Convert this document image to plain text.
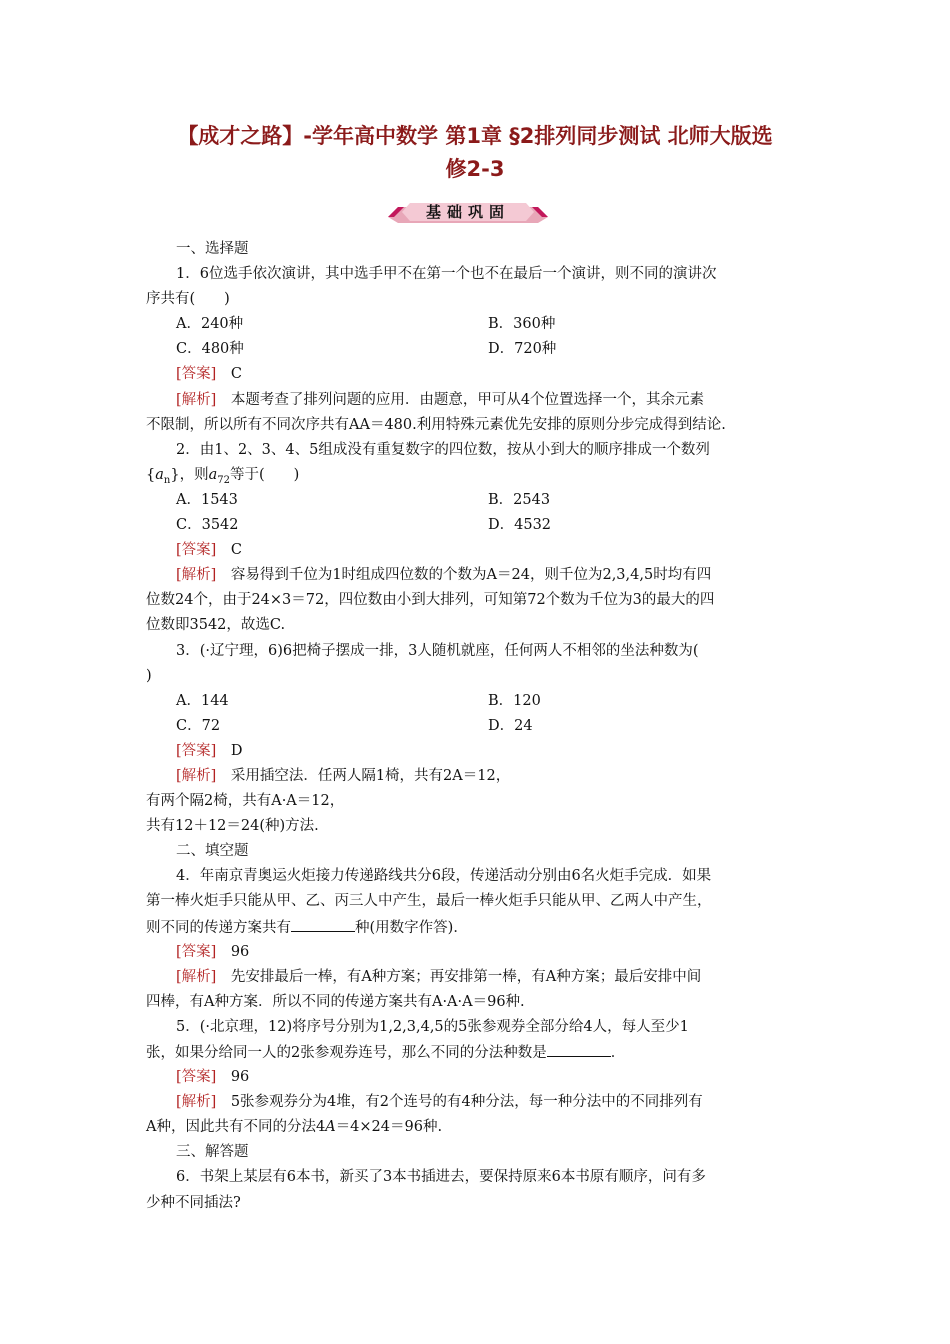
【成才之路】-学年高中数学 第1章 §2排列同步测试 北师大版选
修2-3
基础巩固
一、选择题
1．6位选手依次演讲，其中选手甲不在第一个也不在最后一个演讲，则不同的演讲次
序共有(　　)
A．240种	B．360种
C．480种	D．720种
[答案]　 C
[解析]　 本题考查了排列问题的应用．由题意，甲可从4个位置选择一个，其余元素
不限制，所以所有不同次序共有AA＝480.利用特殊元素优先安排的原则分步完成得到结论.
2．由1、2、3、4、5组成没有重复数字的四位数，按从小到大的顺序排成一个数列
$\{a_n\}$，则$a_{72}$等于(　　)
A．1543	B．2543
C．3542	D．4532
[答案]　 C
[解析]　 容易得到千位为1时组成四位数的个数为A＝24，则千位为2,3,4,5时均有四
位数24个，由于24×3＝72，四位数由小到大排列，可知第72个数为千位为3的最大的四
位数即3542，故选C.
3．(·辽宁理，6)6把椅子摆成一排，3人随机就座，任何两人不相邻的坐法种数为(
)
A．144	B．120
C．72	D．24
[答案]　 D
[解析]　 采用插空法．任两人隔1椅，共有2A＝12，
有两个隔2椅，共有A·A＝12，
共有12＋12＝24(种)方法.
二、填空题
4．年南京青奥运火炬接力传递路线共分6段，传递活动分别由6名火炬手完成．如果
第一棒火炬手只能从甲、乙、丙三人中产生，最后一棒火炬手只能从甲、乙两人中产生，
则不同的传递方案共有	种(用数字作答)．
[答案]　 96
[解析]　 先安排最后一棒，有A种方案；再安排第一棒，有A种方案；最后安排中间
四棒，有A种方案．所以不同的传递方案共有A·A·A＝96种.
5．(·北京理，12)将序号分别为1,2,3,4,5的5张参观券全部分给4人，每人至少1
张，如果分给同一人的2张参观券连号，那么不同的分法种数是	．
[答案]　 96
[解析]　 5张参观券分为4堆，有2个连号的有4种分法，每一种分法中的不同排列有
A种，因此共有不同的分法4A＝4×24＝96种.
三、解答题
6．书架上某层有6本书，新买了3本书插进去，要保持原来6本书原有顺序，问有多
少种不同插法?
